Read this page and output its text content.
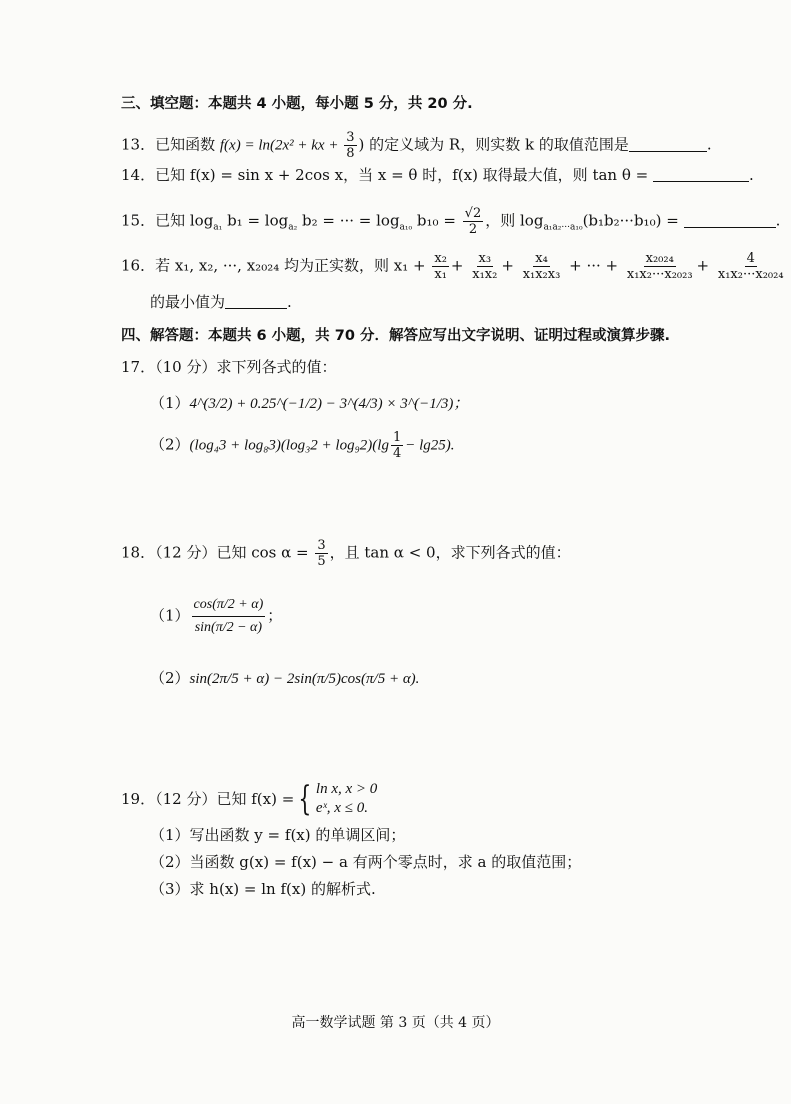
三、填空题：本题共 4 小题，每小题 5 分，共 20 分.
13．已知函数 f(x) = ln(2x² + kx + $\frac{3}{8}$ ) 的定义域为 R，则实数 k 的取值范围是	.
14．已知 f(x) = sin x + 2cos x，当 x = θ 时，f(x) 取得最大值，则 tan θ =	.
15．已知 $\log_{a_1} b_1 = \log_{a_2} b_2$ = ··· = $\log_{a_{10}} b_{10} = \frac{√2}{2}$ ，则 $\log_{a_1a_2\cdot\cdot\cdot a_{10}}(b_1b_2\cdot\cdot\cdot b_{10})$ =	.
16．若 x₁, x₂, ···, x₂₀₂₄ 均为正实数，则 $x_1 + \frac{\text{x₂}}{\text{x₁}} + \frac{\text{x₃}}{\text{x₁x₂}} + \frac{\text{x₄}}{\text{x₁x₂x₃}}$ + ··· + $\frac{\text{x₂₀₂₄}}{\text{x₁x₂···x₂₀₂₃}} + \frac{4}{\text{x₁x₂···x₂₀₂₄}}$
的最小值为	.
四、解答题：本题共 6 小题，共 70 分．解答应写出文字说明、证明过程或演算步骤.
17．（10 分）求下列各式的值：
（1）4^(3/2) + 0.25^(−1/2) − 3^(4/3) × 3^(−1/3)；
$(2)(\log_43 + \log_83)(\log_32 + \log_92)(\lg \frac{1}{4} - \lg 25)$.
18．（12 分）已知 $\cos \alpha = \frac{3}{5}$ ，且 tan α < 0，求下列各式的值：
$(1) \frac{\cos(\pi/2 + \alpha)}{\sin(\pi/2 - \alpha)}$ ；
（2）sin(2π/5 + α) − 2sin(π/5)cos(π/5 + α).
19．（12 分）已知 f(x) = { ln x, x > 0
eˣ, x ≤ 0.
（1）写出函数 y = f(x) 的单调区间；
（2）当函数 g(x) = f(x) − a 有两个零点时，求 a 的取值范围；
（3）求 h(x) = ln f(x) 的解析式.
高一数学试题 第 3 页（共 4 页）
